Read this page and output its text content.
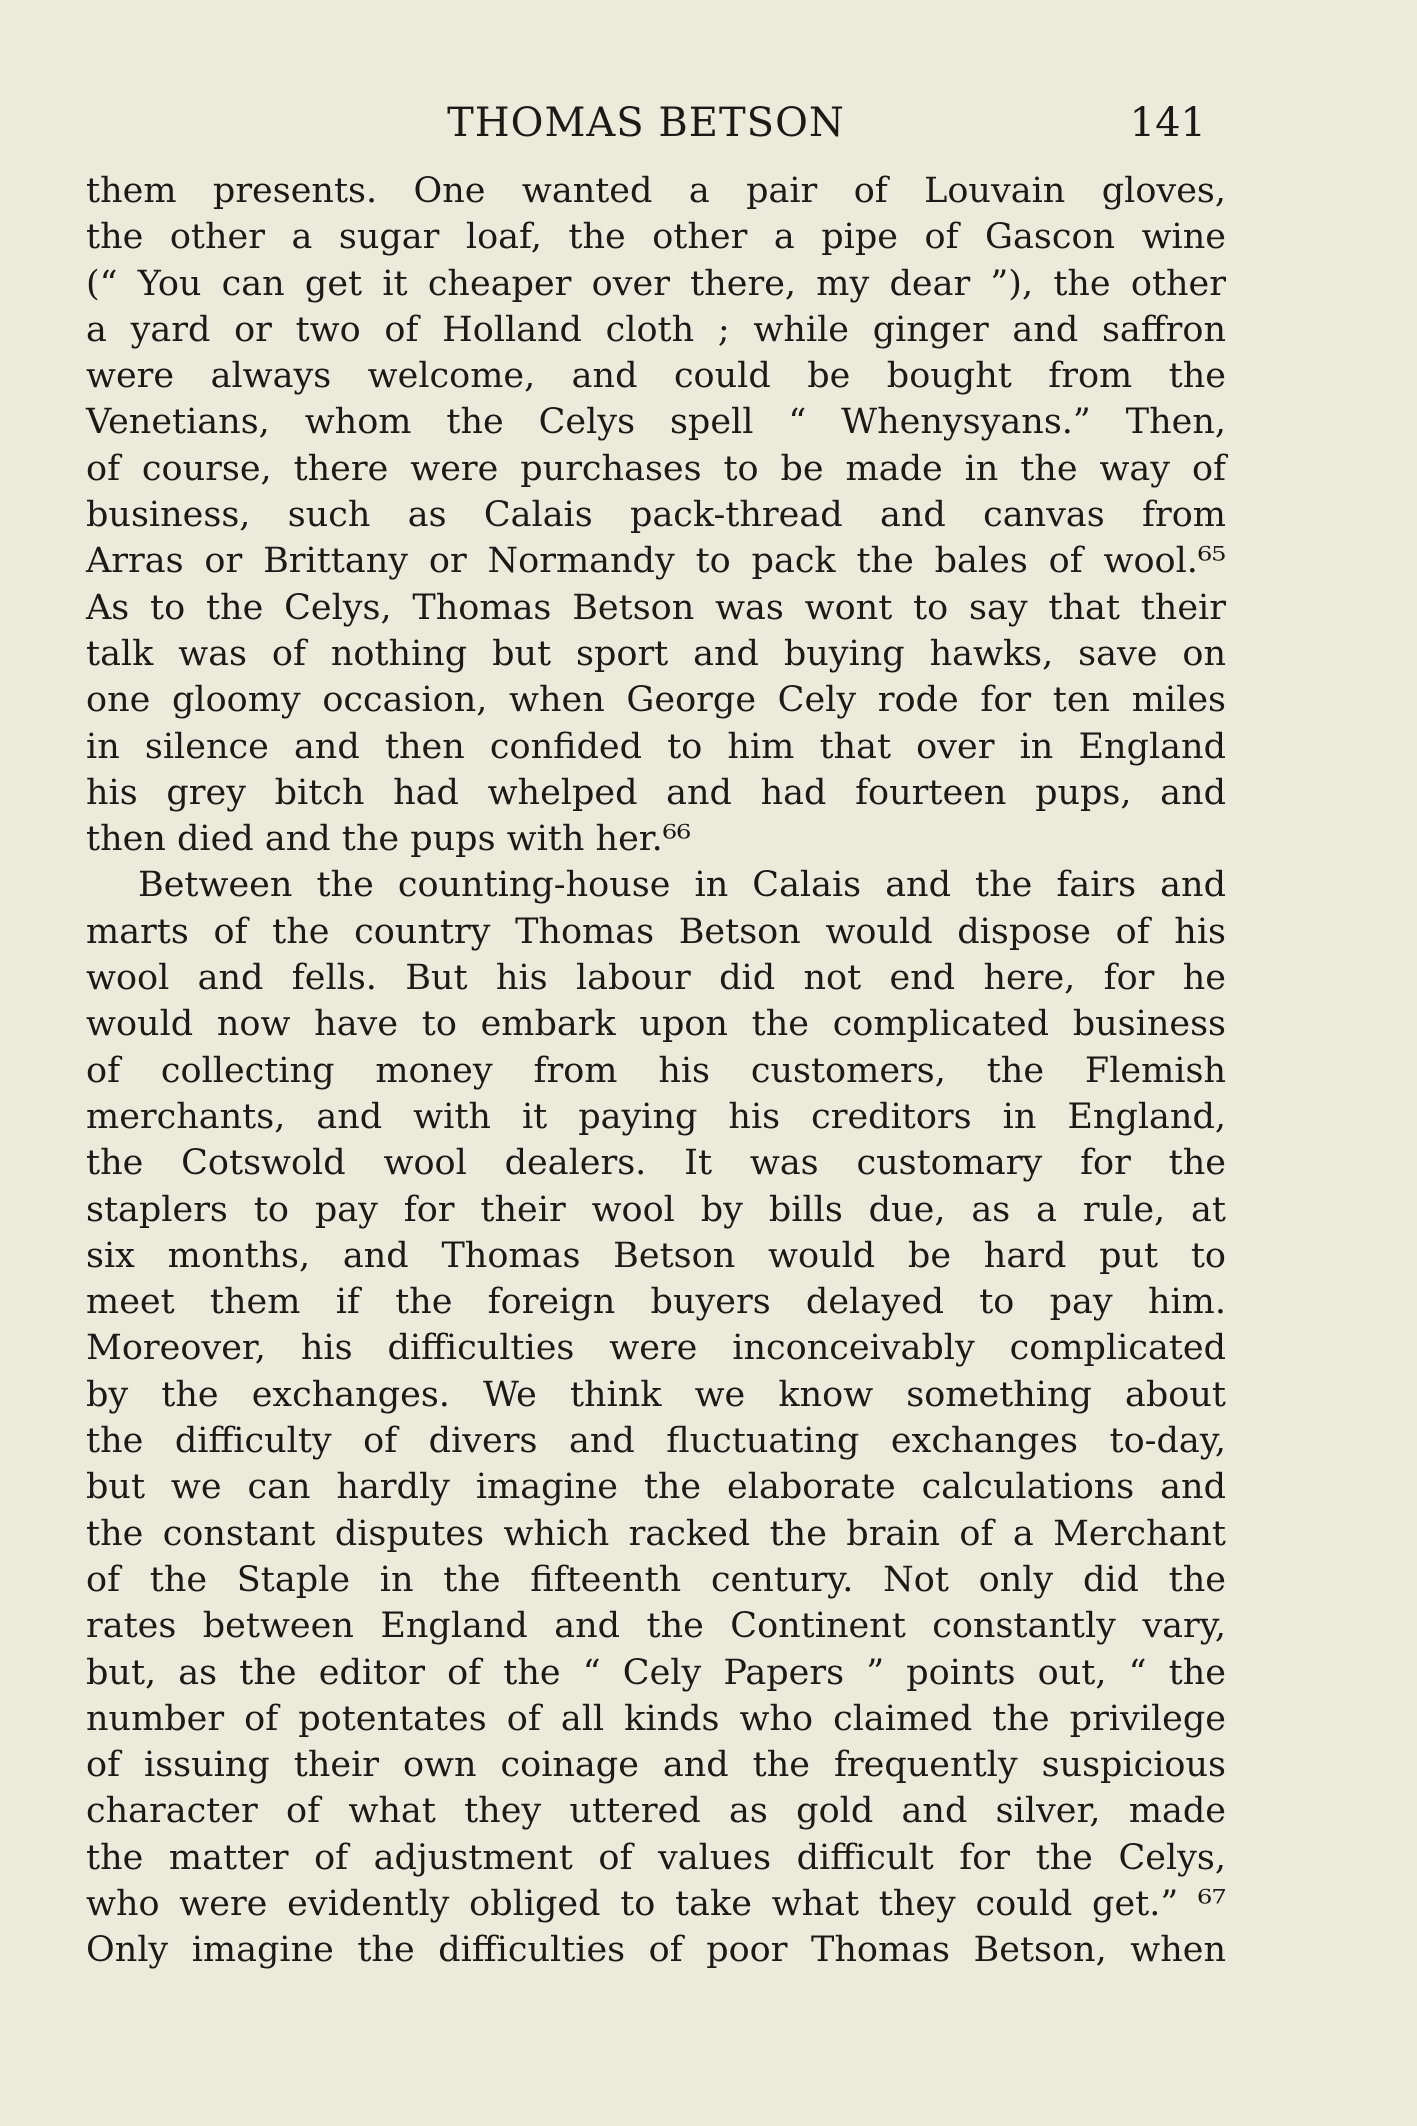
THOMAS BETSON	141
them presents. One wanted a pair of Louvain gloves,
the other a sugar loaf, the other a pipe of Gascon wine
(“ You can get it cheaper over there, my dear ”), the other
a yard or two of Holland cloth ; while ginger and saffron
were always welcome, and could be bought from the
Venetians, whom the Celys spell “ Whenysyans.” Then,
of course, there were purchases to be made in the way of
business, such as Calais pack-thread and canvas from
Arras or Brittany or Normandy to pack the bales of wool.⁶⁵
As to the Celys, Thomas Betson was wont to say that their
talk was of nothing but sport and buying hawks, save on
one gloomy occasion, when George Cely rode for ten miles
in silence and then confided to him that over in England
his grey bitch had whelped and had fourteen pups, and
then died and the pups with her.⁶⁶
Between the counting-house in Calais and the fairs and
marts of the country Thomas Betson would dispose of his
wool and fells. But his labour did not end here, for he
would now have to embark upon the complicated business
of collecting money from his customers, the Flemish
merchants, and with it paying his creditors in England,
the Cotswold wool dealers. It was customary for the
staplers to pay for their wool by bills due, as a rule, at
six months, and Thomas Betson would be hard put to
meet them if the foreign buyers delayed to pay him.
Moreover, his difficulties were inconceivably complicated
by the exchanges. We think we know something about
the difficulty of divers and fluctuating exchanges to-day,
but we can hardly imagine the elaborate calculations and
the constant disputes which racked the brain of a Merchant
of the Staple in the fifteenth century. Not only did the
rates between England and the Continent constantly vary,
but, as the editor of the “ Cely Papers ” points out, “ the
number of potentates of all kinds who claimed the privilege
of issuing their own coinage and the frequently suspicious
character of what they uttered as gold and silver, made
the matter of adjustment of values difficult for the Celys,
who were evidently obliged to take what they could get.” ⁶⁷
Only imagine the difficulties of poor Thomas Betson, when
